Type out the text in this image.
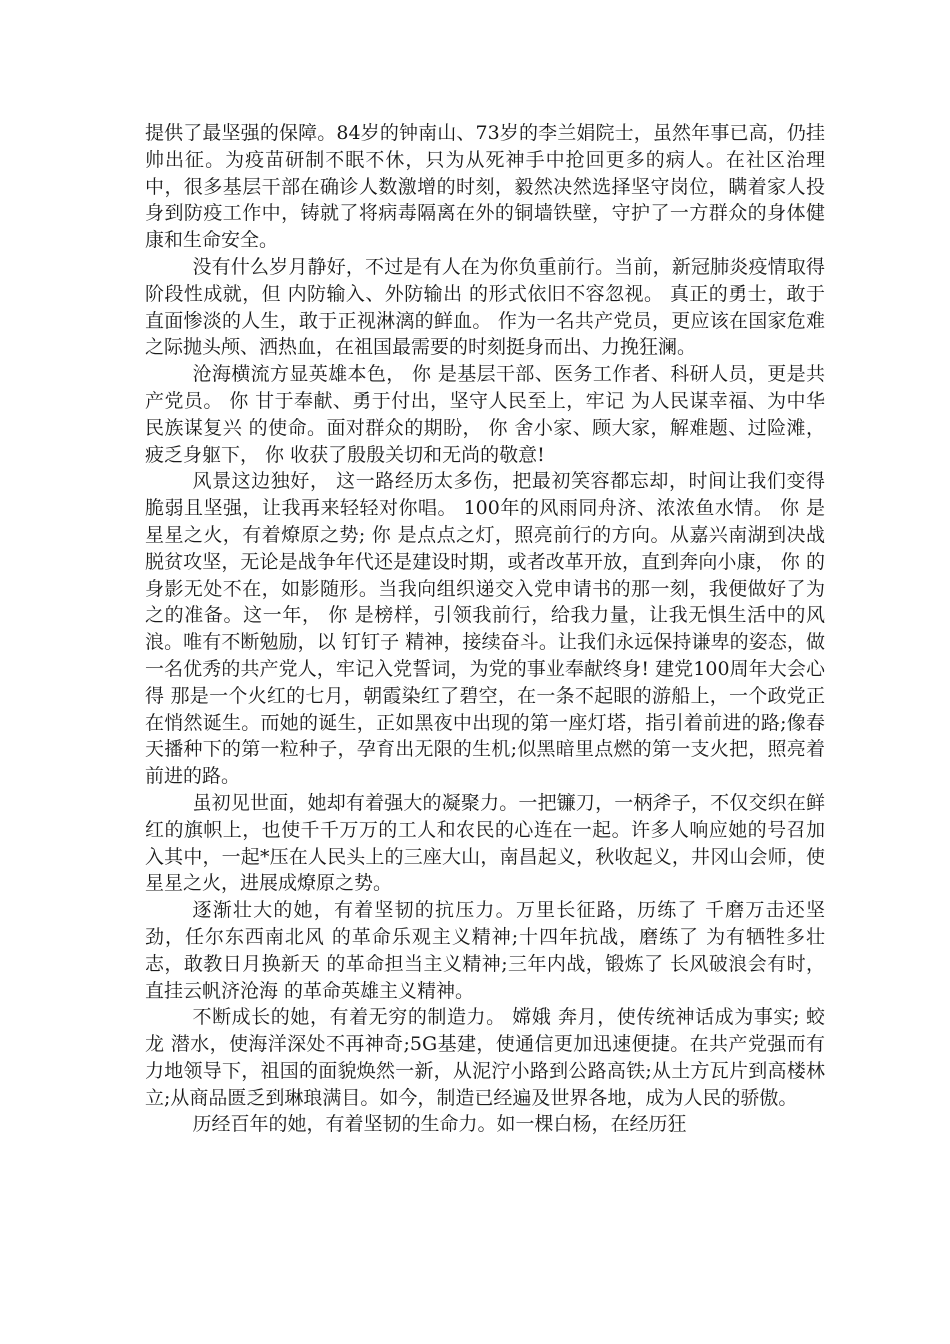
提供了最坚强的保障。84岁的钟南山、73岁的李兰娟院士，虽然年事已高，仍挂帅出征。为疫苗研制不眠不休，只为从死神手中抢回更多的病人。在社区治理中，很多基层干部在确诊人数激增的时刻，毅然决然选择坚守岗位，瞒着家人投身到防疫工作中，铸就了将病毒隔离在外的铜墙铁壁，守护了一方群众的身体健康和生命安全。

没有什么岁月静好，不过是有人在为你负重前行。当前，新冠肺炎疫情取得阶段性成就，但 内防输入、外防输出 的形式依旧不容忽视。 真正的勇士，敢于直面惨淡的人生，敢于正视淋漓的鲜血。 作为一名共产党员，更应该在国家危难之际抛头颅、洒热血，在祖国最需要的时刻挺身而出、力挽狂澜。

沧海横流方显英雄本色， 你 是基层干部、医务工作者、科研人员，更是共产党员。 你 甘于奉献、勇于付出，坚守人民至上，牢记 为人民谋幸福、为中华民族谋复兴 的使命。面对群众的期盼， 你 舍小家、顾大家，解难题、过险滩，疲乏身躯下， 你 收获了殷殷关切和无尚的敬意!

风景这边独好， 这一路经历太多伤，把最初笑容都忘却，时间让我们变得脆弱且坚强，让我再来轻轻对你唱。 100年的风雨同舟济、浓浓鱼水情。 你 是星星之火，有着燎原之势; 你 是点点之灯，照亮前行的方向。从嘉兴南湖到决战脱贫攻坚，无论是战争年代还是建设时期，或者改革开放，直到奔向小康， 你 的身影无处不在，如影随形。当我向组织递交入党申请书的那一刻，我便做好了为之的准备。这一年， 你 是榜样，引领我前行，给我力量，让我无惧生活中的风浪。唯有不断勉励，以 钉钉子 精神，接续奋斗。让我们永远保持谦卑的姿态，做一名优秀的共产党人，牢记入党誓词，为党的事业奉献终身! 建党100周年大会心得 那是一个火红的七月，朝霞染红了碧空，在一条不起眼的游船上，一个政党正在悄然诞生。而她的诞生，正如黑夜中出现的第一座灯塔，指引着前进的路;像春天播种下的第一粒种子，孕育出无限的生机;似黑暗里点燃的第一支火把，照亮着前进的路。

虽初见世面，她却有着强大的凝聚力。一把镰刀，一柄斧子，不仅交织在鲜红的旗帜上，也使千千万万的工人和农民的心连在一起。许多人响应她的号召加入其中，一起*压在人民头上的三座大山，南昌起义，秋收起义，井冈山会师，使星星之火，进展成燎原之势。

逐渐壮大的她，有着坚韧的抗压力。万里长征路，历练了 千磨万击还坚劲，任尔东西南北风 的革命乐观主义精神;十四年抗战，磨练了 为有牺牲多壮志，敢教日月换新天 的革命担当主义精神;三年内战，锻炼了 长风破浪会有时，直挂云帆济沧海 的革命英雄主义精神。

不断成长的她，有着无穷的制造力。 嫦娥 奔月，使传统神话成为事实; 蛟龙 潜水，使海洋深处不再神奇;5G基建，使通信更加迅速便捷。在共产党强而有力地领导下，祖国的面貌焕然一新，从泥泞小路到公路高铁;从土方瓦片到高楼林立;从商品匮乏到琳琅满目。如今，制造已经遍及世界各地，成为人民的骄傲。

历经百年的她，有着坚韧的生命力。如一棵白杨，在经历狂
